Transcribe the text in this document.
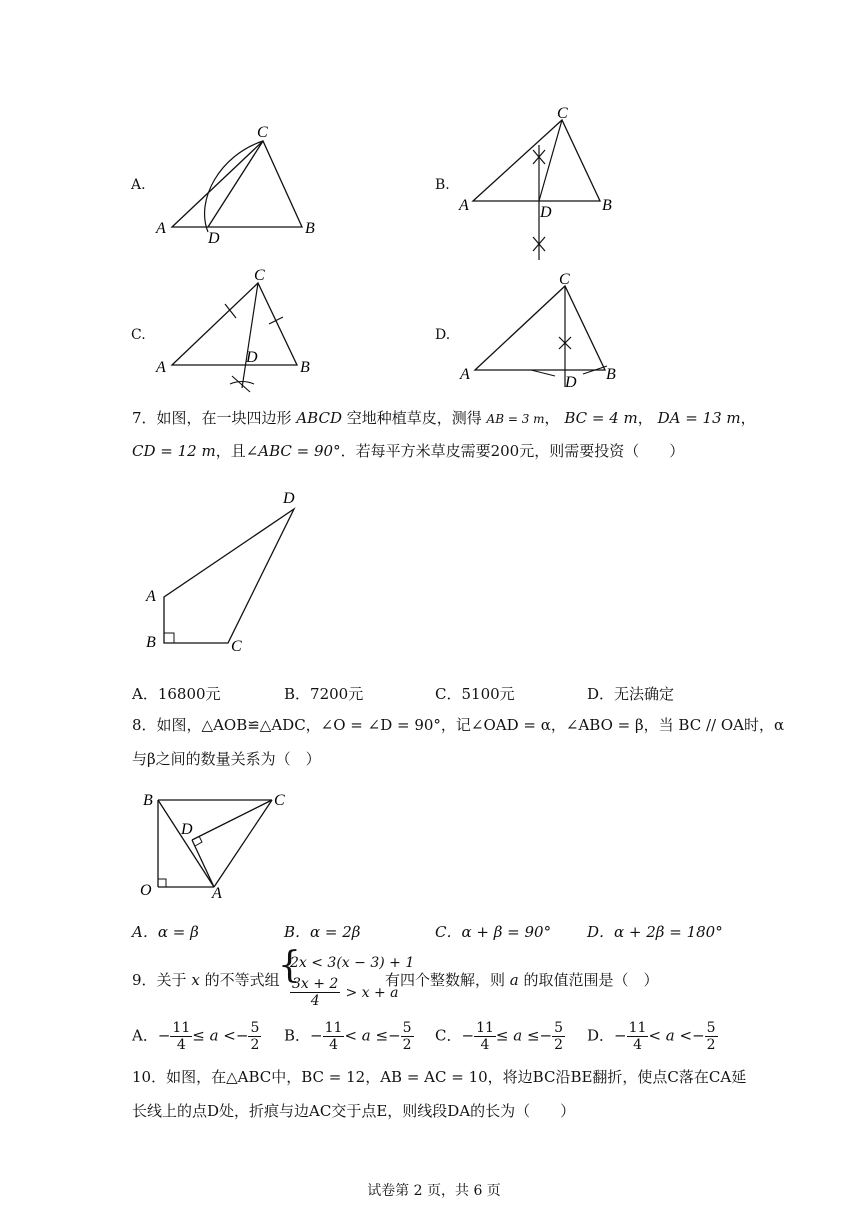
A.
A	B
C
D
B.
A	B
C
D
C.
A	B
C
D
D.
A	B
C
D
7．如图，在一块四边形 ABCD 空地种植草皮，测得 AB = 3 m， BC = 4 m， DA = 13 m，
CD = 12 m，且∠ABC = 90°．若每平方米草皮需要200元，则需要投资（　　）
A
B	C
D
A．16800元	B．7200元	C．5100元	D．无法确定
8．如图，△AOB≌△ADC，∠O = ∠D = 90°，记∠OAD = α，∠ABO = β，当 BC // OA时，α
与β之间的数量关系为（　）
B	C
D
O	A
A．α = β	B．α = 2β	C．α + β = 90° D．α + 2β = 180°
9．关于 x 的不等式组
{
2x < 3(x − 3) + 1
$\frac{3x + 2}{4} > x + a$
有四个整数解，则 a 的取值范围是（　）
A．− $\frac{11}{4} \le a <- \frac{5}{2}$ B．− $\frac{11}{4} < a \le- \frac{5}{2}$ C．− $\frac{11}{4} \le a \le- \frac{5}{2}$ D．− $\frac{11}{4} < a <- \frac{5}{2}$
10．如图，在△ABC中，BC = 12，AB = AC = 10，将边BC沿BE翻折，使点C落在CA延
长线上的点D处，折痕与边AC交于点E，则线段DA的长为（　　）
试卷第 2 页，共 6 页
